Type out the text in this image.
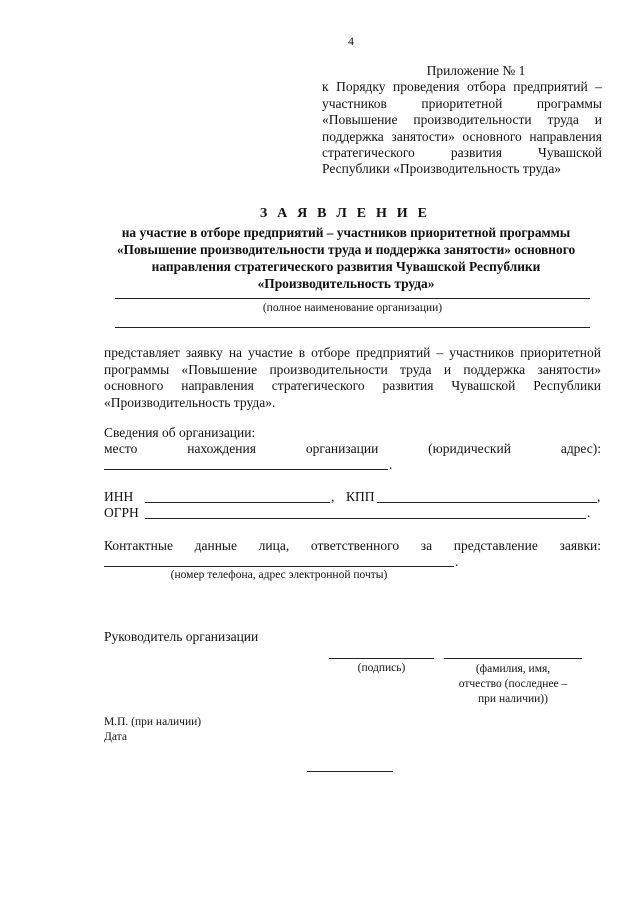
4
Приложение № 1
к Порядку проведения отбора предприятий –
участников приоритетной программы
«Повышение производительности труда и
поддержка занятости» основного направления
стратегического развития Чувашской
Республики «Производительность труда»
З А Я В Л Е Н И Е
на участие в отборе предприятий – участников приоритетной программы «Повышение производительности труда и поддержка занятости» основного направления стратегического развития Чувашской Республики «Производительность труда»
(полное наименование организации)
представляет заявку на участие в отборе предприятий – участников приоритетной
программы «Повышение производительности труда и поддержка занятости»
основного направления стратегического развития Чувашской Республики
«Производительность труда».
Сведения об организации:
место нахождения организации (юридический адрес):
.
ИНН	, КПП	,
ОГРН	.
Контактные данные лица, ответственного за представление заявки:
.
(номер телефона, адрес электронной почты)
Руководитель организации
(подпись)	(фамилия, имя,
отчество (последнее –
при наличии))
М.П. (при наличии)
Дата
